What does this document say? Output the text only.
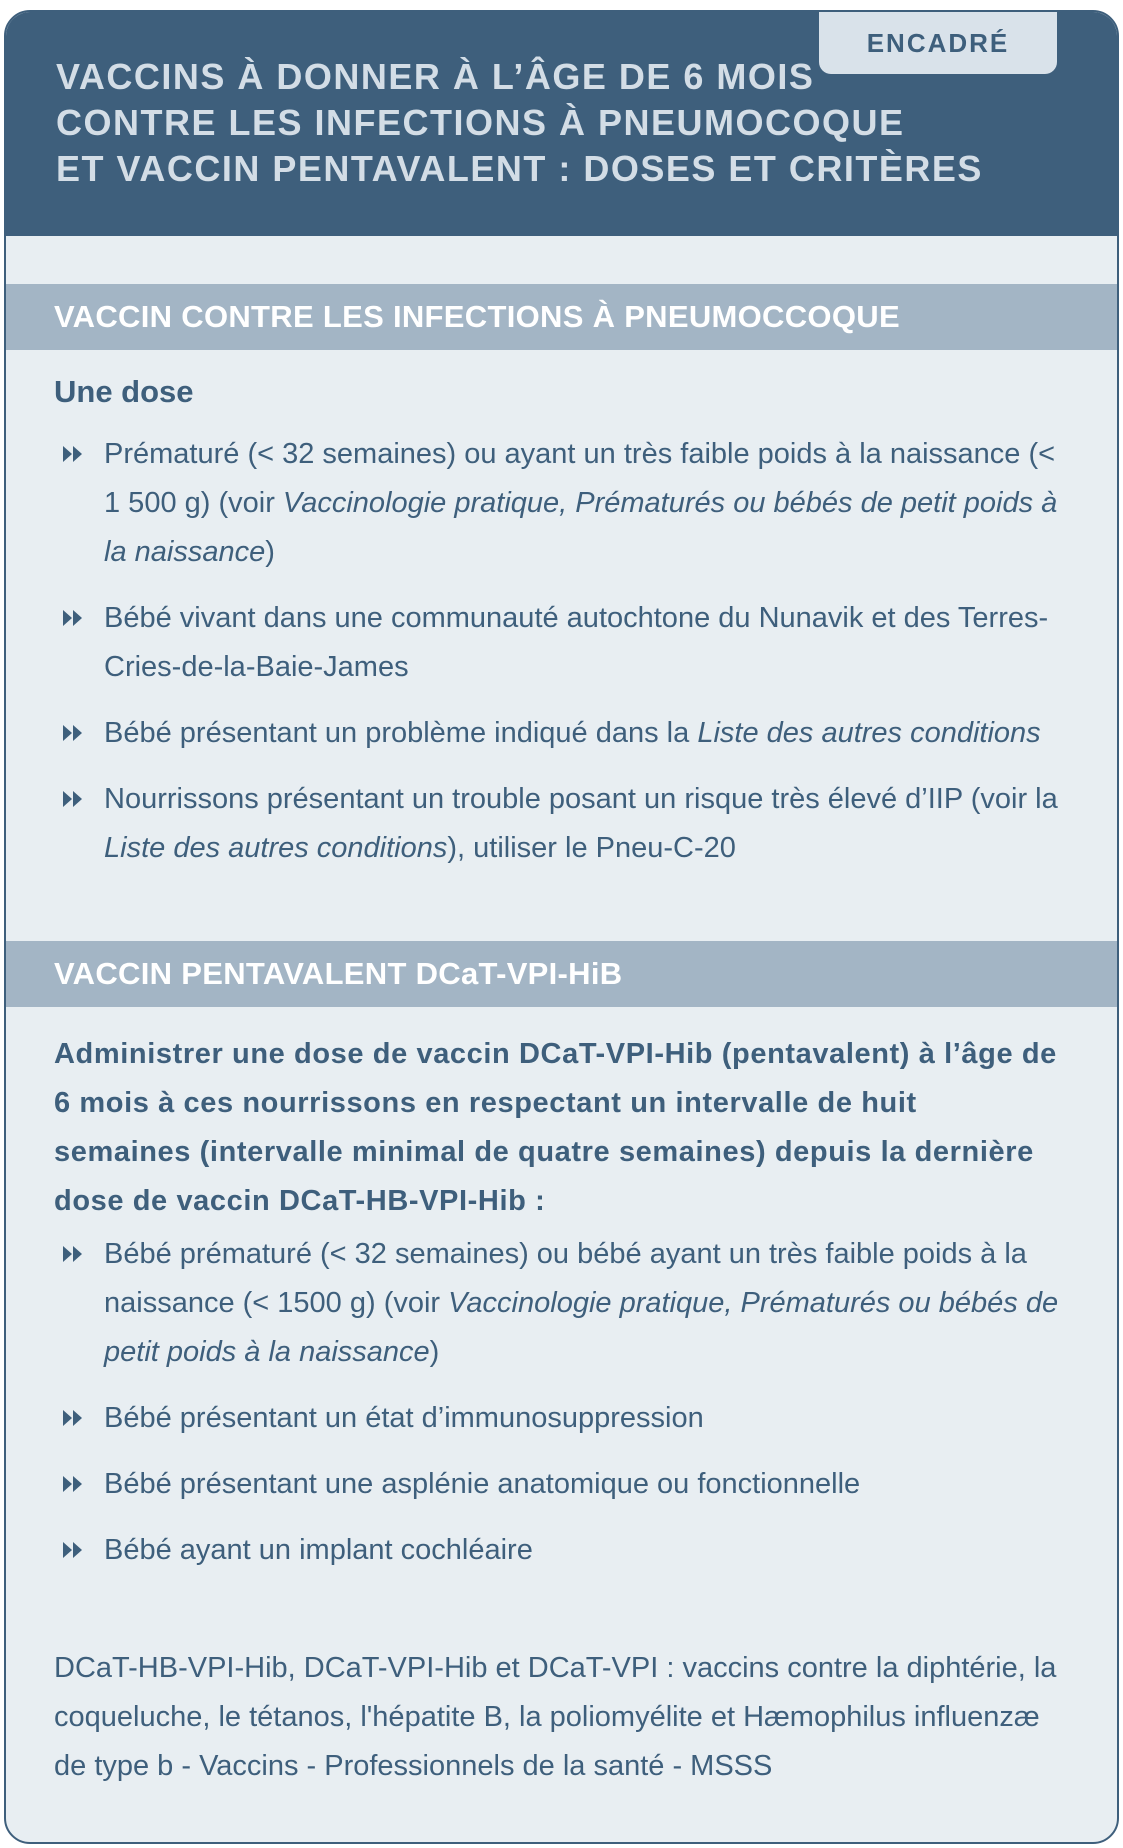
ENCADRÉ
VACCINS À DONNER À L’ÂGE DE 6 MOIS
CONTRE LES INFECTIONS À PNEUMOCOQUE
ET VACCIN PENTAVALENT : DOSES ET CRITÈRES
VACCIN CONTRE LES INFECTIONS À PNEUMOCCOQUE
Une dose
Prématuré (< 32 semaines) ou ayant un très faible poids à la naissance (< 1 500 g) (voir Vaccinologie pratique, Prématurés ou bébés de petit poids à la naissance)
Bébé vivant dans une communauté autochtone du Nunavik et des Terres-Cries-de-la-Baie-James
Bébé présentant un problème indiqué dans la Liste des autres conditions
Nourrissons présentant un trouble posant un risque très élevé d’IIP (voir la Liste des autres conditions), utiliser le Pneu-C-20
VACCIN PENTAVALENT DCaT-VPI-HiB
Administrer une dose de vaccin DCaT-VPI-Hib (pentavalent) à l’âge de 6 mois à ces nourrissons en respectant un intervalle de huit semaines (intervalle minimal de quatre semaines) depuis la dernière dose de vaccin DCaT-HB-VPI-Hib :
Bébé prématuré (< 32 semaines) ou bébé ayant un très faible poids à la naissance (< 1500 g) (voir Vaccinologie pratique, Prématurés ou bébés de petit poids à la naissance)
Bébé présentant un état d’immunosuppression
Bébé présentant une asplénie anatomique ou fonctionnelle
Bébé ayant un implant cochléaire
DCaT-HB-VPI-Hib, DCaT-VPI-Hib et DCaT-VPI : vaccins contre la diphtérie, la coqueluche, le tétanos, l'hépatite B, la poliomyélite et Hæmophilus influenzæ de type b - Vaccins - Professionnels de la santé - MSSS
